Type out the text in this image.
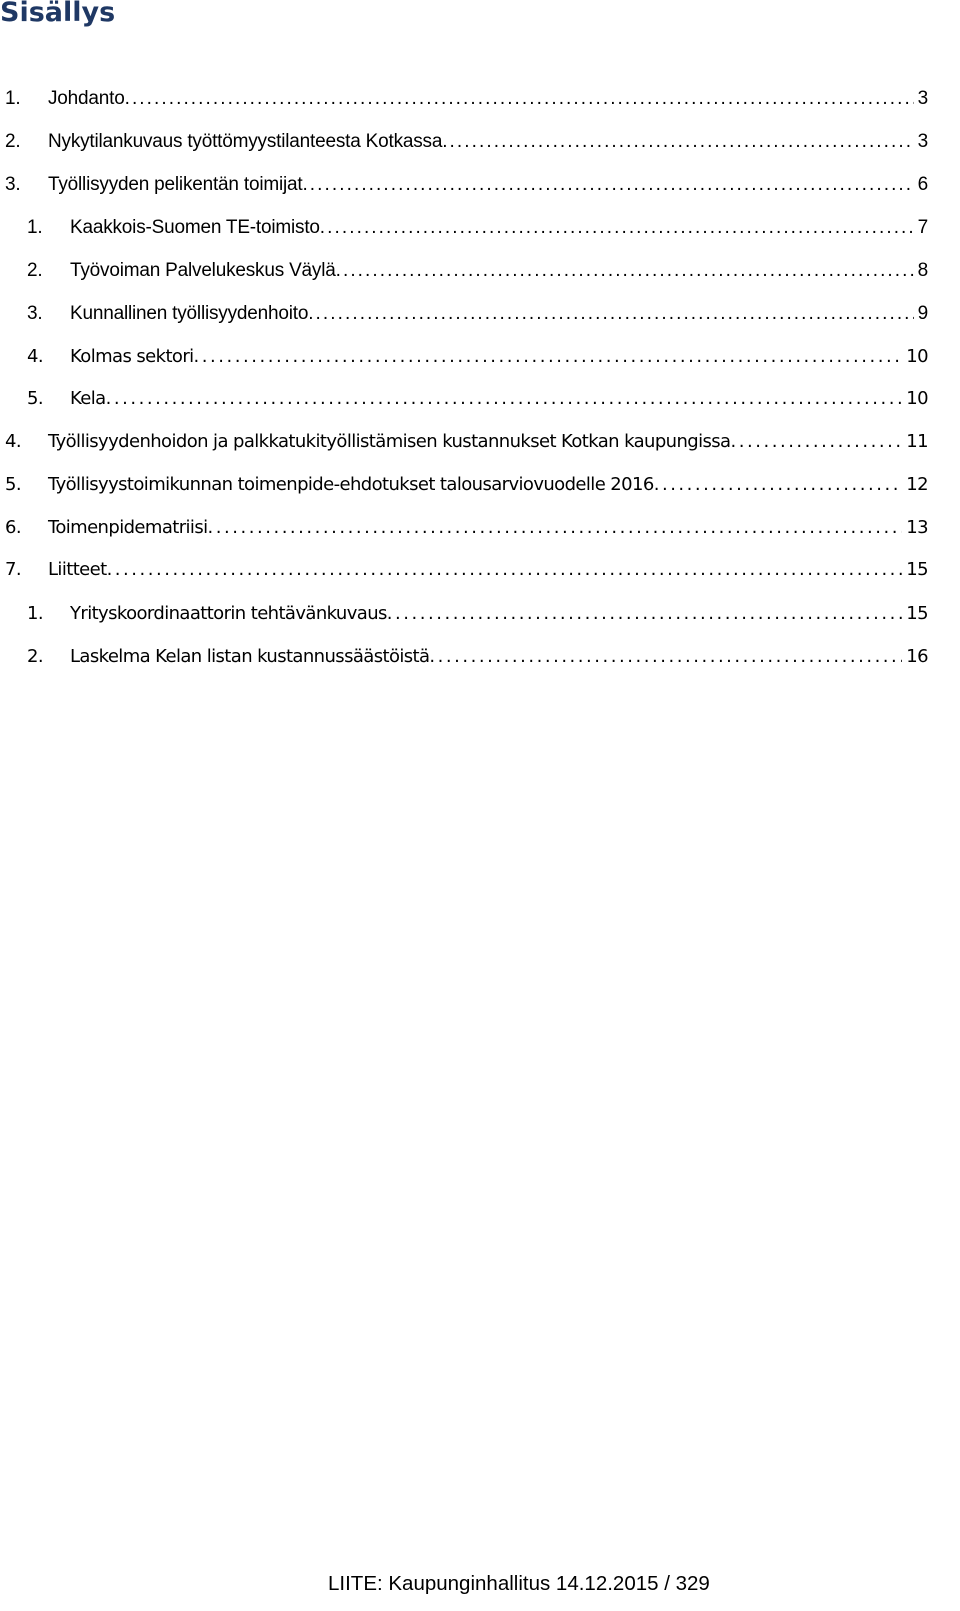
Sisällys
1. Johdanto . . .	3
2. Nykytilankuvaus työttömyystilanteesta Kotkassa . . .	3
3. Työllisyyden pelikentän toimijat . . .	6
1. Kaakkois-Suomen TE-toimisto . . .	7
2. Työvoiman Palvelukeskus Väylä . . .	8
3. Kunnallinen työllisyydenhoito . . .	9
4. Kolmas sektori . . .	10
5. Kela . . .	10
4. Työllisyydenhoidon ja palkkatukityöllistämisen kustannukset Kotkan kaupungissa . . .	11
5. Työllisyystoimikunnan toimenpide-ehdotukset talousarviovuodelle 2016 . . .	12
6. Toimenpidematriisi . . .	13
7. Liitteet . . .	15
1. Yrityskoordinaattorin tehtävänkuvaus . . .	15
2. Laskelma Kelan listan kustannussäästöistä . . .	16
LIITE: Kaupunginhallitus 14.12.2015 / 329
